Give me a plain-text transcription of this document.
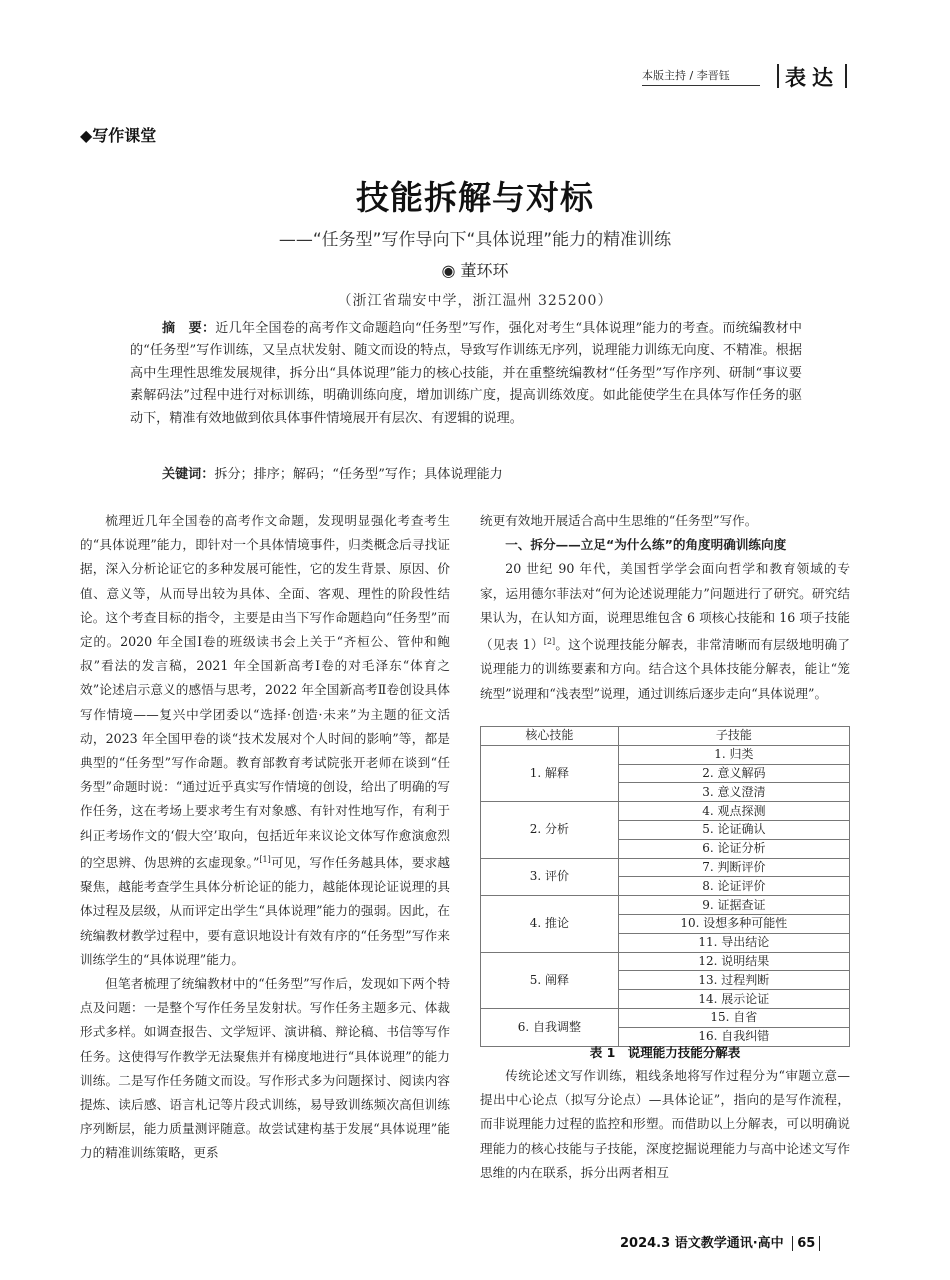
本版主持 / 李晋钰	表达
◆写作课堂
技能拆解与对标
——“任务型”写作导向下“具体说理”能力的精准训练
◉ 董环环
（浙江省瑞安中学，浙江温州 325200）
摘　要：近几年全国卷的高考作文命题趋向“任务型”写作，强化对考生“具体说理”能力的考查。而统编教材中的“任务型”写作训练，又呈点状发射、随文而设的特点，导致写作训练无序列，说理能力训练无向度、不精准。根据高中生理性思维发展规律，拆分出“具体说理”能力的核心技能，并在重整统编教材“任务型”写作序列、研制“事议要素解码法”过程中进行对标训练，明确训练向度，增加训练广度，提高训练效度。如此能使学生在具体写作任务的驱动下，精准有效地做到依具体事件情境展开有层次、有逻辑的说理。
关键词：拆分；排序；解码；“任务型”写作；具体说理能力

梳理近几年全国卷的高考作文命题，发现明显强化考查考生的“具体说理”能力，即针对一个具体情境事件，归类概念后寻找证据，深入分析论证它的多种发展可能性，它的发生背景、原因、价值、意义等，从而导出较为具体、全面、客观、理性的阶段性结论。这个考查目标的指令，主要是由当下写作命题趋向“任务型”而定的。2020 年全国Ⅰ卷的班级读书会上关于“齐桓公、管仲和鲍叔”看法的发言稿，2021 年全国新高考Ⅰ卷的对毛泽东“体育之效”论述启示意义的感悟与思考，2022 年全国新高考Ⅱ卷创设具体写作情境——复兴中学团委以“选择·创造·未来”为主题的征文活动，2023 年全国甲卷的谈“技术发展对个人时间的影响”等，都是典型的“任务型”写作命题。教育部教育考试院张开老师在谈到“任务型”命题时说：“通过近乎真实写作情境的创设，给出了明确的写作任务，这在考场上要求考生有对象感、有针对性地写作，有利于纠正考场作文的‘假大空’取向，包括近年来议论文体写作愈演愈烈的空思辨、伪思辨的玄虚现象。”[1]可见，写作任务越具体，要求越聚焦，越能考查学生具体分析论证的能力，越能体现论证说理的具体过程及层级，从而评定出学生“具体说理”能力的强弱。因此，在统编教材教学过程中，要有意识地设计有效有序的“任务型”写作来训练学生的“具体说理”能力。

但笔者梳理了统编教材中的“任务型”写作后，发现如下两个特点及问题：一是整个写作任务呈发射状。写作任务主题多元、体裁形式多样。如调查报告、文学短评、演讲稿、辩论稿、书信等写作任务。这使得写作教学无法聚焦并有梯度地进行“具体说理”的能力训练。二是写作任务随文而设。写作形式多为问题探讨、阅读内容提炼、读后感、语言札记等片段式训练，易导致训练频次高但训练序列断层，能力质量测评随意。故尝试建构基于发展“具体说理”能力的精准训练策略，更系

统更有效地开展适合高中生思维的“任务型”写作。

一、拆分——立足“为什么练”的角度明确训练向度

20 世纪 90 年代，美国哲学学会面向哲学和教育领域的专家，运用德尔菲法对“何为论述说理能力”问题进行了研究。研究结果认为，在认知方面，说理思维包含 6 项核心技能和 16 项子技能（见表 1）[2]。这个说理技能分解表，非常清晰而有层级地明确了说理能力的训练要素和方向。结合这个具体技能分解表，能让“笼统型”说理和“浅表型”说理，通过训练后逐步走向“具体说理”。

核心技能	子技能
1. 解释	1. 归类
	2. 意义解码
	3. 意义澄清
2. 分析	4. 观点探测
	5. 论证确认
	6. 论证分析
3. 评价	7. 判断评价
	8. 论证评价
4. 推论	9. 证据查证
	10. 设想多种可能性
	11. 导出结论
5. 阐释	12. 说明结果
	13. 过程判断
	14. 展示论证
6. 自我调整	15. 自省
	16. 自我纠错
表 1　说理能力技能分解表

传统论述文写作训练，粗线条地将写作过程分为“审题立意—提出中心论点（拟写分论点）—具体论证”，指向的是写作流程，而非说理能力过程的监控和形塑。而借助以上分解表，可以明确说理能力的核心技能与子技能，深度挖掘说理能力与高中论述文写作思维的内在联系，拆分出两者相互

2024.3 语文教学通讯·高中 65
